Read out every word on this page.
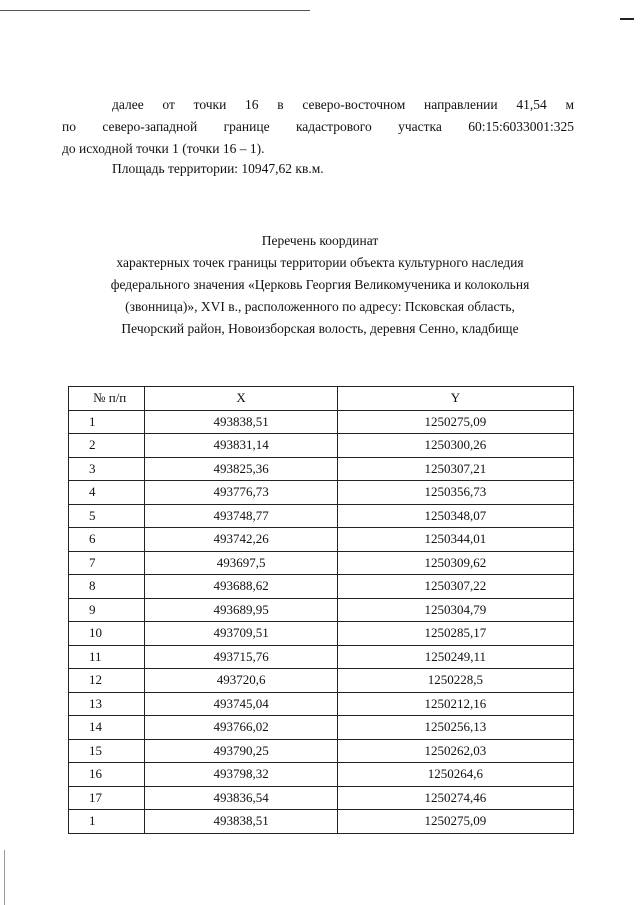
далее от точки 16 в северо-восточном направлении 41,54 м
по северо-западной границе кадастрового участка 60:15:6033001:325
до исходной точки 1 (точки 16 – 1).
Площадь территории: 10947,62 кв.м.
Перечень координат
характерных точек границы территории объекта культурного наследия
федерального значения «Церковь Георгия Великомученика и колокольня
(звонница)», XVI в., расположенного по адресу: Псковская область,
Печорский район, Новоизборская волость, деревня Сенно, кладбище
№ п/п	X	Y
1	493838,51	1250275,09
2	493831,14	1250300,26
3	493825,36	1250307,21
4	493776,73	1250356,73
5	493748,77	1250348,07
6	493742,26	1250344,01
7	493697,5	1250309,62
8	493688,62	1250307,22
9	493689,95	1250304,79
10	493709,51	1250285,17
11	493715,76	1250249,11
12	493720,6	1250228,5
13	493745,04	1250212,16
14	493766,02	1250256,13
15	493790,25	1250262,03
16	493798,32	1250264,6
17	493836,54	1250274,46
1	493838,51	1250275,09
